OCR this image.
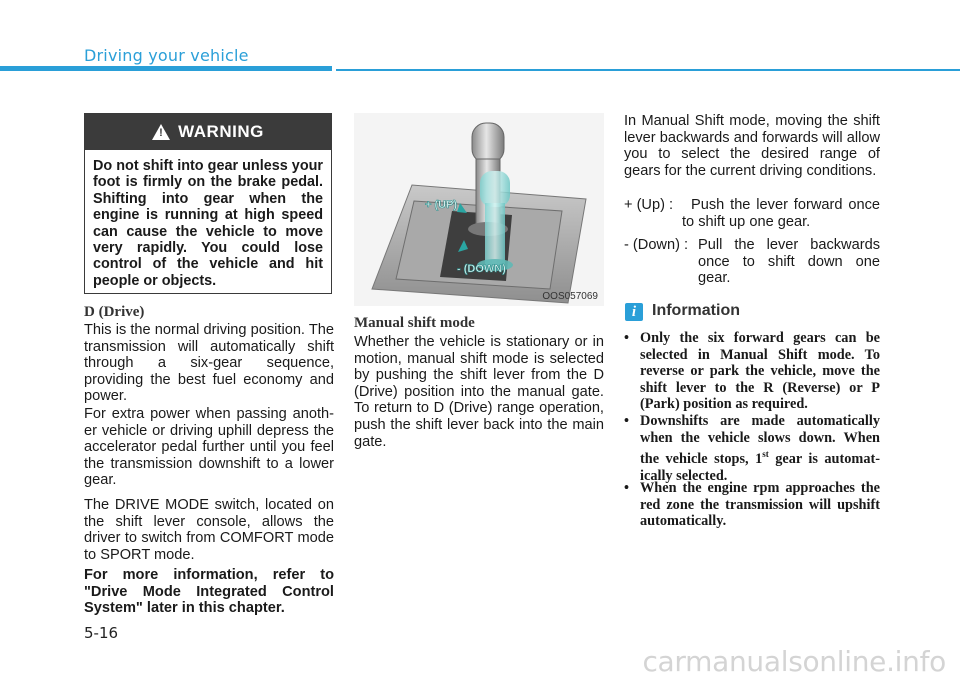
Driving your vehicle
! WARNING
Do not shift into gear unless your foot is firmly on the brake pedal. Shifting into gear when the engine is running at high speed can cause the vehicle to move very rapidly. You could lose control of the vehicle and hit people or objects.
D (Drive)

This is the normal driving position. The transmission will automatically shift through a six-gear sequence, providing the best fuel economy and power.

For extra power when passing anoth-er vehicle or driving uphill depress the accelerator pedal further until you feel the transmission downshift to a lower gear.

The DRIVE MODE switch, located on the shift lever console, allows the driver to switch from COMFORT mode to SPORT mode.

For more information, refer to "Drive Mode Integrated Control System" later in this chapter.

+ (UP)
- (DOWN)
OOS057069
Manual shift mode

Whether the vehicle is stationary or in motion, manual shift mode is selected by pushing the shift lever from the D (Drive) position into the manual gate. To return to D (Drive) range operation, push the shift lever back into the main gate.

In Manual Shift mode, moving the shift lever backwards and forwards will allow you to select the desired range of gears for the current driving conditions.

+ (Up) :	Push the lever forward once to shift up one gear.
- (Down) : Pull the lever backwards once to shift down one gear.
i Information
• Only the six forward gears can be selected in Manual Shift mode. To reverse or park the vehicle, move the shift lever to the R (Reverse) or P (Park) position as required.
• Downshifts are made automatically when the vehicle slows down. When the vehicle stops, 1st gear is automat-ically selected.
• When the engine rpm approaches the red zone the transmission will upshift automatically.
5-16
carmanualsonline.info
